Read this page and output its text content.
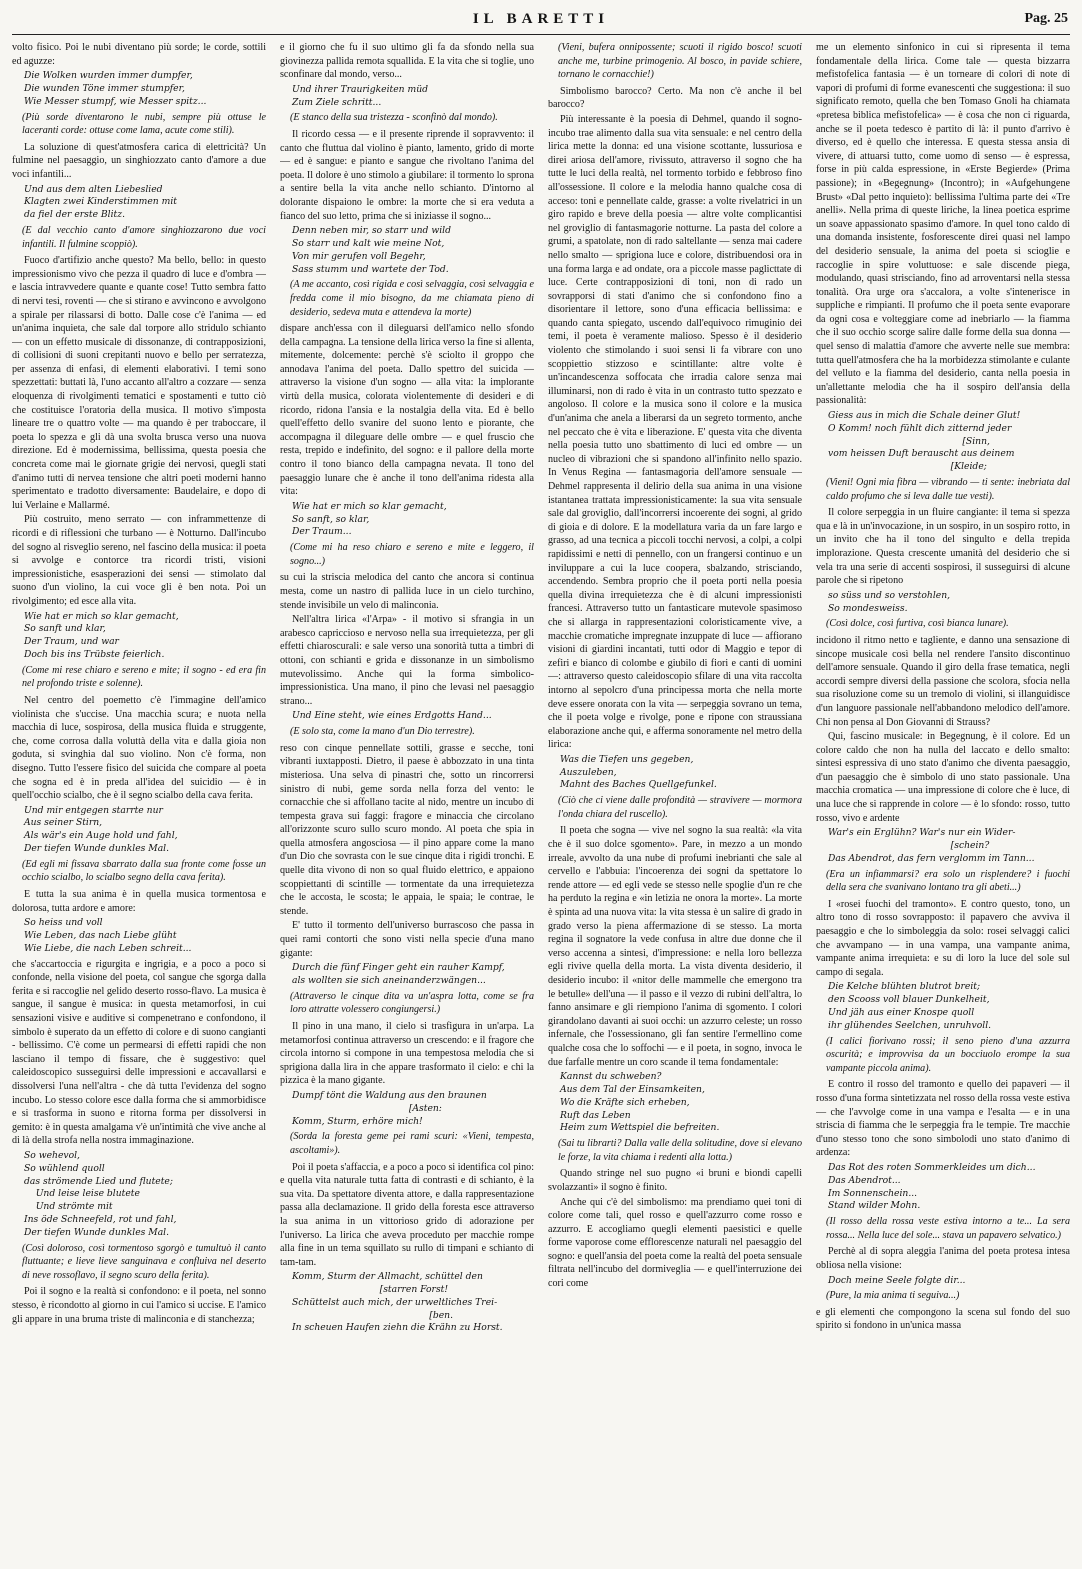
IL BARETTI	Pag. 25

volto fisico. Poi le nubi diventano più sorde; le corde, sottili ed aguzze:

Die Wolken wurden immer dumpfer,
Die wunden Töne immer stumpfer,
Wie Messer stumpf, wie Messer spitz...

(Più sorde diventarono le nubi, sempre più ottuse le laceranti corde: ottuse come lama, acute come stili).

La soluzione di quest'atmosfera carica di elettricità? Un fulmine nel paesaggio, un singhiozzato canto d'amore a due voci infantili...

Und aus dem alten Liebeslied
Klagten zwei Kinderstimmen mit
da fiel der erste Blitz.

(E dal vecchio canto d'amore singhiozzarono due voci infantili. Il fulmine scoppiò).

Fuoco d'artifizio anche questo? Ma bello, bello: in questo impressionismo vivo che pezza il quadro di luce e d'ombra — e lascia intravvedere quante e quante cose! Tutto sembra fatto di nervi tesi, roventi — che si stirano e avvincono e avvolgono a spirale per rilassarsi di botto. Dalle cose c'è l'anima — ed un'anima inquieta, che sale dal torpore allo stridulo schianto — con un effetto musicale di dissonanze, di contrapposizioni, di collisioni di suoni crepitanti nuovo e bello per serratezza, per assenza di enfasi, di elementi elaborativi. I temi sono spezzettati: buttati là, l'uno accanto all'altro a cozzare — senza eloquenza di rivolgimenti tematici e spostamenti e tutto ciò che costituisce l'oratoria della musica. Il motivo s'imposta lineare tre o quattro volte — ma quando è per traboccare, il poeta lo spezza e gli dà una svolta brusca verso una nuova direzione. Ed è modernissima, bellissima, questa poesia che concreta come mai le giornate grigie dei nervosi, quegli stati d'animo tutti di nervea tensione che altri poeti moderni hanno sperimentato e tradotto diversamente: Baudelaire, e dopo di lui Verlaine e Mallarmé.

Più costruito, meno serrato — con inframmettenze di ricordi e di riflessioni che turbano — è Notturno. Dall'incubo del sogno al risveglio sereno, nel fascino della musica: il poeta si avvolge e contorce tra ricordi tristi, visioni impressionistiche, esasperazioni dei sensi — stimolato dal suono d'un violino, la cui voce gli è ben nota. Poi un rivolgimento; ed esce alla vita.

Wie hat er mich so klar gemacht,
So sanft und klar,
Der Traum, und war
Doch bis ins Trübste feierlich.

(Come mi rese chiaro e sereno e mite; il sogno - ed era fin nel profondo triste e solenne).

Nel centro del poemetto c'è l'immagine dell'amico violinista che s'uccise. Una macchia scura; e nuota nella macchia di luce, sospirosa, della musica fluida e struggente, che, come corrosa dalla voluttà della vita e dalla gioia non goduta, si svinghia dal suo violino. Non c'è forma, non disegno. Tutto l'essere fisico del suicida che compare al poeta che sogna ed è in preda all'idea del suicidio — è in quell'occhio scialbo, che è il segno scialbo della cava ferita.

Und mir entgegen starrte nur
Aus seiner Stirn,
Als wär's ein Auge hold und fahl,
Der tiefen Wunde dunkles Mal.

(Ed egli mi fissava sbarrato dalla sua fronte come fosse un occhio scialbo, lo scialbo segno della cava ferita).

E tutta la sua anima è in quella musica tormentosa e dolorosa, tutta ardore e amore:

So heiss und voll
Wie Leben, das nach Liebe glüht
Wie Liebe, die nach Leben schreit...

che s'accartoccia e rigurgita e ingrigia, e a poco a poco si confonde, nella visione del poeta, col sangue che sgorga dalla ferita e si raccoglie nel gelido deserto rosso-flavo. La musica è sangue, il sangue è musica: in questa metamorfosi, in cui sensazioni visive e auditive si compenetrano e confondono, il simbolo è superato da un effetto di colore e di suono cangianti - bellissimo. C'è come un permearsi di effetti rapidi che non lasciano il tempo di fissare, che è suggestivo: quel caleidoscopico susseguirsi delle impressioni e accavallarsi e dissolversi l'una nell'altra - che dà tutta l'evidenza del sogno incubo. Lo stesso colore esce dalla forma che si ammorbidisce e si trasforma in suono e ritorna forma per dissolversi in gemito: è in questa amalgama v'è un'intimità che vive anche al di là della strofa nella nostra immaginazione.

So wehevol,
So wühlend quoll
das strömende Lied und flutete;
Und leise leise blutete
Und strömte mit
Ins öde Schneefeld, rot und fahl,
Der tiefen Wunde dunkles Mal.

(Così doloroso, così tormentoso sgorgò e tumultuò il canto fluttuante; e lieve lieve sanguinava e confluiva nel deserto di neve rossoflavo, il segno scuro della ferita).

Poi il sogno e la realtà si confondono: e il poeta, nel sonno stesso, è ricondotto al giorno in cui l'amico si uccise. E l'amico gli appare in una bruma triste di malinconia e di stanchezza;

e il giorno che fu il suo ultimo gli fa da sfondo nella sua giovinezza pallida remota squallida. E la vita che si toglie, uno sconfinare dal mondo, verso...

Und ihrer Traurigkeiten müd
Zum Ziele schritt...

(E stanco della sua tristezza - sconfinò dal mondo).

Il ricordo cessa — e il presente riprende il sopravvento: il canto che fluttua dal violino è pianto, lamento, grido di morte — ed è sangue: e pianto e sangue che rivoltano l'anima del poeta. Il dolore è uno stimolo a giubilare: il tormento lo sprona a sentire bella la vita anche nello schianto. D'intorno al dolorante dispaiono le ombre: la morte che si era veduta a fianco del suo letto, prima che si iniziasse il sogno...

Denn neben mir, so starr und wild
So starr und kalt wie meine Not,
Von mir gerufen voll Begehr,
Sass stumm und wartete der Tod.

(A me accanto, così rigida e così selvaggia, così selvaggia e fredda come il mio bisogno, da me chiamata pieno di desiderio, sedeva muta e attendeva la morte)

dispare anch'essa con il dileguarsi dell'amico nello sfondo della campagna. La tensione della lirica verso la fine si allenta, mitemente, dolcemente: perchè s'è sciolto il groppo che annodava l'anima del poeta. Dallo spettro del suicida — attraverso la visione d'un sogno — alla vita: la implorante virtù della musica, colorata violentemente di desideri e di ricordo, ridona l'ansia e la nostalgia della vita. Ed è bello quell'effetto dello svanire del suono lento e piorante, che accompagna il dileguare delle ombre — e quel fruscio che resta, trepido e indefinito, del sogno: e il pallore della morte contro il tono bianco della campagna nevata. Il tono del paesaggio lunare che è anche il tono dell'anima ridesta alla vita:

Wie hat er mich so klar gemacht,
So sanft, so klar,
Der Traum...

(Come mi ha reso chiaro e sereno e mite e leggero, il sogno...)

su cui la striscia melodica del canto che ancora si continua mesta, come un nastro di pallida luce in un cielo turchino, stende invisibile un velo di malinconia.

Nell'altra lirica «l'Arpa» - il motivo si sfrangia in un arabesco capriccioso e nervoso nella sua irrequietezza, per gli effetti chiaroscurali: e sale verso una sonorità tutta a timbri di ottoni, con schianti e grida e dissonanze in un simbolismo mutevolissimo. Anche qui la forma simbolico-impressionistica. Una mano, il pino che levasi nel paesaggio strano...

Und Eine steht, wie eines Erdgotts Hand...

(E solo sta, come la mano d'un Dio terrestre).

reso con cinque pennellate sottili, grasse e secche, toni vibranti iuxtapposti. Dietro, il paese è abbozzato in una tinta misteriosa. Una selva di pinastri che, sotto un rincorrersi sinistro di nubi, geme sorda nella forza del vento: le cornacchie che si affollano tacite al nido, mentre un incubo di tempesta grava sui faggi: fragore e minaccia che circolano all'orizzonte scuro sullo scuro mondo. Al poeta che spia in quella atmosfera angosciosa — il pino appare come la mano d'un Dio che sovrasta con le sue cinque dita i rigidi tronchi. E quelle dita vivono di non so qual fluido elettrico, e appaiono scoppiettanti di scintille — tormentate da una irrequietezza che le accosta, le scosta; le appaia, le spaia; le contrae, le stende.

E' tutto il tormento dell'universo burrascoso che passa in quei rami contorti che sono visti nella specie d'una mano gigante:

Durch die fünf Finger geht ein rauher Kampf,
als wollten sie sich aneinanderzwängen...

(Attraverso le cinque dita va un'aspra lotta, come se fra loro attratte volessero congiungersi.)

Il pino in una mano, il cielo si trasfigura in un'arpa. La metamorfosi continua attraverso un crescendo: e il fragore che circola intorno si compone in una tempestosa melodia che si sprigiona dalla lira in che appare trasformato il cielo: e chi la pizzica è la mano gigante.

Dumpf tönt die Waldung aus den braunen
[Asten:
Komm, Sturm, erhöre mich!

(Sorda la foresta geme pei rami scuri: «Vieni, tempesta, ascoltami»).

Poi il poeta s'affaccia, e a poco a poco si identifica col pino: e quella vita naturale tutta fatta di contrasti e di schianto, è la sua vita. Da spettatore diventa attore, e dalla rappresentazione passa alla declamazione. Il grido della foresta esce attraverso la sua anima in un vittorioso grido di adorazione per l'universo. La lirica che aveva proceduto per macchie rompe alla fine in un tema squillato su rullo di timpani e schianto di tam-tam.

Komm, Sturm der Allmacht, schüttel den
[starren Forst!
Schüttelst auch mich, der urweltliches Trei-
[ben.
In scheuen Haufen ziehn die Krähn zu Horst.

(Vieni, bufera onnipossente; scuoti il rigido bosco! scuoti anche me, turbine primogenio. Al bosco, in pavide schiere, tornano le cornacchie!)

Simbolismo barocco? Certo. Ma non c'è anche il bel barocco?

Più interessante è la poesia di Dehmel, quando il sogno-incubo trae alimento dalla sua vita sensuale: e nel centro della lirica mette la donna: ed una visione scottante, lussuriosa e direi ariosa dell'amore, rivissuto, attraverso il sogno che ha tutte le luci della realtà, nel tormento torbido e febbroso fino all'ossessione. Il colore e la melodia hanno qualche cosa di acceso: toni e pennellate calde, grasse: a volte rivelatrici in un giro rapido e breve della poesia — altre volte complicantisi nel groviglio di fantasmagorie notturne. La pasta del colore a grumi, a spatolate, non di rado saltellante — senza mai cadere nello smalto — sprigiona luce e colore, distribuendosi ora in una forma larga e ad ondate, ora a piccole masse paglicttate di luce. Certe contrapposizioni di toni, non di rado un sovrapporsi di stati d'animo che si confondono fino a disorientare il lettore, sono d'una efficacia bellissima: e quando canta spiegato, uscendo dall'equivoco rimuginio dei temi, il poeta è veramente malioso. Spesso è il desiderio violento che stimolando i suoi sensi li fa vibrare con uno scoppiettio stizzoso e scintillante: altre volte è un'incandescenza soffocata che irradia calore senza mai illuminarsi, non di rado è vita in un contrasto tutto spezzato e angoloso. Il colore e la musica sono il colore e la musica d'un'anima che anela a liberarsi da un segreto tormento, anche nel peccato che è vita e liberazione. E' questa vita che diventa nella poesia tutto uno sbattimento di luci ed ombre — un nucleo di vibrazioni che si spandono all'infinito nello spazio. In Venus Regina — fantasmagoria dell'amore sensuale — Dehmel rappresenta il delirio della sua anima in una visione istantanea trattata impressionisticamente: la sua vita sensuale sale dal groviglio, dall'incorrersi incoerente dei sogni, al grido di gioia e di dolore. E la modellatura varia da un fare largo e grasso, ad una tecnica a piccoli tocchi nervosi, a colpi, a colpi rapidissimi e netti di pennello, con un frangersi continuo e un inviluppare a cui la luce coopera, sbalzando, strisciando, accendendo. Sembra proprio che il poeta porti nella poesia quella divina irrequietezza che è di alcuni impressionisti francesi. Attraverso tutto un fantasticare mutevole spasimoso che si allarga in rappresentazioni coloristicamente vive, a macchie cromatiche impregnate inzuppate di luce — affiorano visioni di giardini incantati, tutti odor di Maggio e tepor di zefiri e bianco di colombe e giubilo di fiori e canti di uomini —: attraverso questo caleidoscopio sfilare di una vita raccolta intorno al sepolcro d'una principessa morta che nella morte deve essere onorata con la vita — serpeggia sovrano un tema, che il poeta volge e rivolge, pone e ripone con straussiana elaborazione anche qui, e afferma sonoramente nel metro della lirica:

Was die Tiefen uns gegeben,
Auszuleben,
Mahnt des Baches Quellgefunkel.

(Ciò che ci viene dalle profondità — stravivere — mormora l'onda chiara del ruscello).

Il poeta che sogna — vive nel sogno la sua realtà: «la vita che è il suo dolce sgomento». Pare, in mezzo a un mondo irreale, avvolto da una nube di profumi inebrianti che sale al cervello e l'abbuia: l'incoerenza dei sogni da spettatore lo rende attore — ed egli vede se stesso nelle spoglie d'un re che ha perduto la regina e «in letizia ne onora la morte». La morte è spinta ad una nuova vita: la vita stessa è un salire di grado in grado verso la piena affermazione di se stesso. La morta regina il sognatore la vede confusa in altre due donne che il verso accenna a sintesi, d'impressione: e nella loro bellezza egli rivive quella della morta. La vista diventa desiderio, il desiderio incubo: il «nitor delle mammelle che emergono tra le betulle» dell'una — il passo e il vezzo di rubini dell'altra, lo fanno ansimare e gli riempiono l'anima di sgomento. I colori girandolano davanti ai suoi occhi: un azzurro celeste; un rosso infernale, che l'ossessionano, gli fan sentire l'ermellino come qualche cosa che lo soffochi — e il poeta, in sogno, invoca le due farfalle mentre un coro scande il tema fondamentale:

Kannst du schweben?
Aus dem Tal der Einsamkeiten,
Wo die Kräfte sich erheben,
Ruft das Leben
Heim zum Wettspiel die befreiten.

(Sai tu librarti? Dalla valle della solitudine, dove si elevano le forze, la vita chiama i redenti alla lotta.)

Quando stringe nel suo pugno «i bruni e biondi capelli svolazzanti» il sogno è finito.

Anche qui c'è del simbolismo: ma prendiamo quei toni di colore come tali, quel rosso e quell'azzurro come rosso e azzurro. E accogliamo quegli elementi paesistici e quelle forme vaporose come efflorescenze naturali nel paesaggio del sogno: e quell'ansia del poeta come la realtà del poeta sensuale filtrata nell'incubo del dormiveglia — e quell'interruzione dei cori come

me un elemento sinfonico in cui si ripresenta il tema fondamentale della lirica. Come tale — questa bizzarra mefistofelica fantasia — è un torneare di colori di note di vapori di profumi di forme evanescenti che suggestiona: il suo significato remoto, quella che ben Tomaso Gnoli ha chiamata «pretesa biblica mefistofelica» — è cosa che non ci riguarda, anche se il poeta tedesco è partito di là: il punto d'arrivo è diverso, ed è quello che interessa. E questa stessa ansia di vivere, di attuarsi tutto, come uomo di senso — è espressa, forse in più calda espressione, in «Erste Begierde» (Prima passione); in «Begegnung» (Incontro); in «Aufgehungene Brust» «Dal petto inquieto): bellissima l'ultima parte dei «Tre anelli». Nella prima di queste liriche, la linea poetica esprime un soave appassionato spasimo d'amore. In quel tono caldo di una domanda insistente, fosforescente direi quasi nel lampo del desiderio sensuale, la anima del poeta si scioglie e raccoglie in spire voluttuose: e sale discende piega, modulando, quasi strisciando, fino ad arroventarsi nella stessa tonalità. Ora urge ora s'accalora, a volte s'intenerisce in suppliche e rimpianti. Il profumo che il poeta sente evaporare da ogni cosa e volteggiare come ad inebriarlo — la fiamma che il suo occhio scorge salire dalle forme della sua donna — quel senso di malattia d'amore che avverte nelle sue membra: tutta quell'atmosfera che ha la morbidezza stimolante e culante del velluto e la fiamma del desiderio, canta nella poesia in un'allettante melodia che ha il sospiro dell'ansia della passionalità:

Giess aus in mich die Schale deiner Glut!
O Komm! noch fühlt dich zitternd jeder
[Sinn,
vom heissen Duft berauscht aus deinem
[Kleide;

(Vieni! Ogni mia fibra — vibrando — ti sente: inebriata dal caldo profumo che si leva dalle tue vesti).

Il colore serpeggia in un fluire cangiante: il tema si spezza qua e là in un'invocazione, in un sospiro, in un sospiro rotto, in un invito che ha il tono del singulto e della trepida implorazione. Questa crescente umanità del desiderio che si vela tra una serie di accenti sospirosi, il susseguirsi di alcune parole che si ripetono

so süss und so verstohlen,
So mondesweiss.

(Così dolce, così furtiva, così bianca lunare).

incidono il ritmo netto e tagliente, e danno una sensazione di sincope musicale così bella nel rendere l'ansito discontinuo dell'amore sensuale. Quando il giro della frase tematica, negli accordi sempre diversi della passione che scolora, sfocia nella sua risoluzione come su un tremolo di violini, si illanguidisce d'un languore passionale nell'abbandono melodico dell'amore. Chi non pensa al Don Giovanni di Strauss?

Qui, fascino musicale: in Begegnung, è il colore. Ed un colore caldo che non ha nulla del laccato e dello smalto: sintesi espressiva di uno stato d'animo che diventa paesaggio, d'un paesaggio che è simbolo di uno stato passionale. Una macchia cromatica — una impressione di colore che è luce, di una luce che si rapprende in colore — è lo sfondo: rosso, tutto rosso, vivo e ardente

War's ein Erglühn? War's nur ein Wider-
[schein?
Das Abendrot, das fern verglomm im Tann...

(Era un infiammarsi? era solo un risplendere? i fuochi della sera che svanivano lontano tra gli abeti...)

I «rosei fuochi del tramonto». E contro questo, tono, un altro tono di rosso sovrapposto: il papavero che avviva il paesaggio e che lo simboleggia da solo: rosei selvaggi calici che avvampano — in una vampa, una vampante anima, vampante anima irrequieta: e su di loro la luce del sole sul campo di segala.

Die Kelche blühten blutrot breit;
den Scooss voll blauer Dunkelheit,
Und jäh aus einer Knospe quoll
ihr glühendes Seelchen, unruhvoll.

(I calici fiorivano rossi; il seno pieno d'una azzurra oscurità; e improvvisa da un bocciuolo erompe la sua vampante piccola anima).

E contro il rosso del tramonto e quello dei papaveri — il rosso d'una forma sintetizzata nel rosso della rossa veste estiva — che l'avvolge come in una vampa e l'esalta — e in una striscia di fiamma che le serpeggia fra le tempie. Tre macchie d'uno stesso tono che sono simbolodi uno stato d'animo di ardenza:

Das Rot des roten Sommerkleides um dich...
Das Abendrot...
Im Sonnenschein...
Stand wilder Mohn.

(Il rosso della rossa veste estiva intorno a te... La sera rossa... Nella luce del sole... stava un papavero selvatico.)

Perchè al di sopra aleggia l'anima del poeta protesa intesa obliosa nella visione:

Doch meine Seele folgte dir...

(Pure, la mia anima ti seguiva...)

e gli elementi che compongono la scena sul fondo del suo spirito si fondono in un'unica massa
